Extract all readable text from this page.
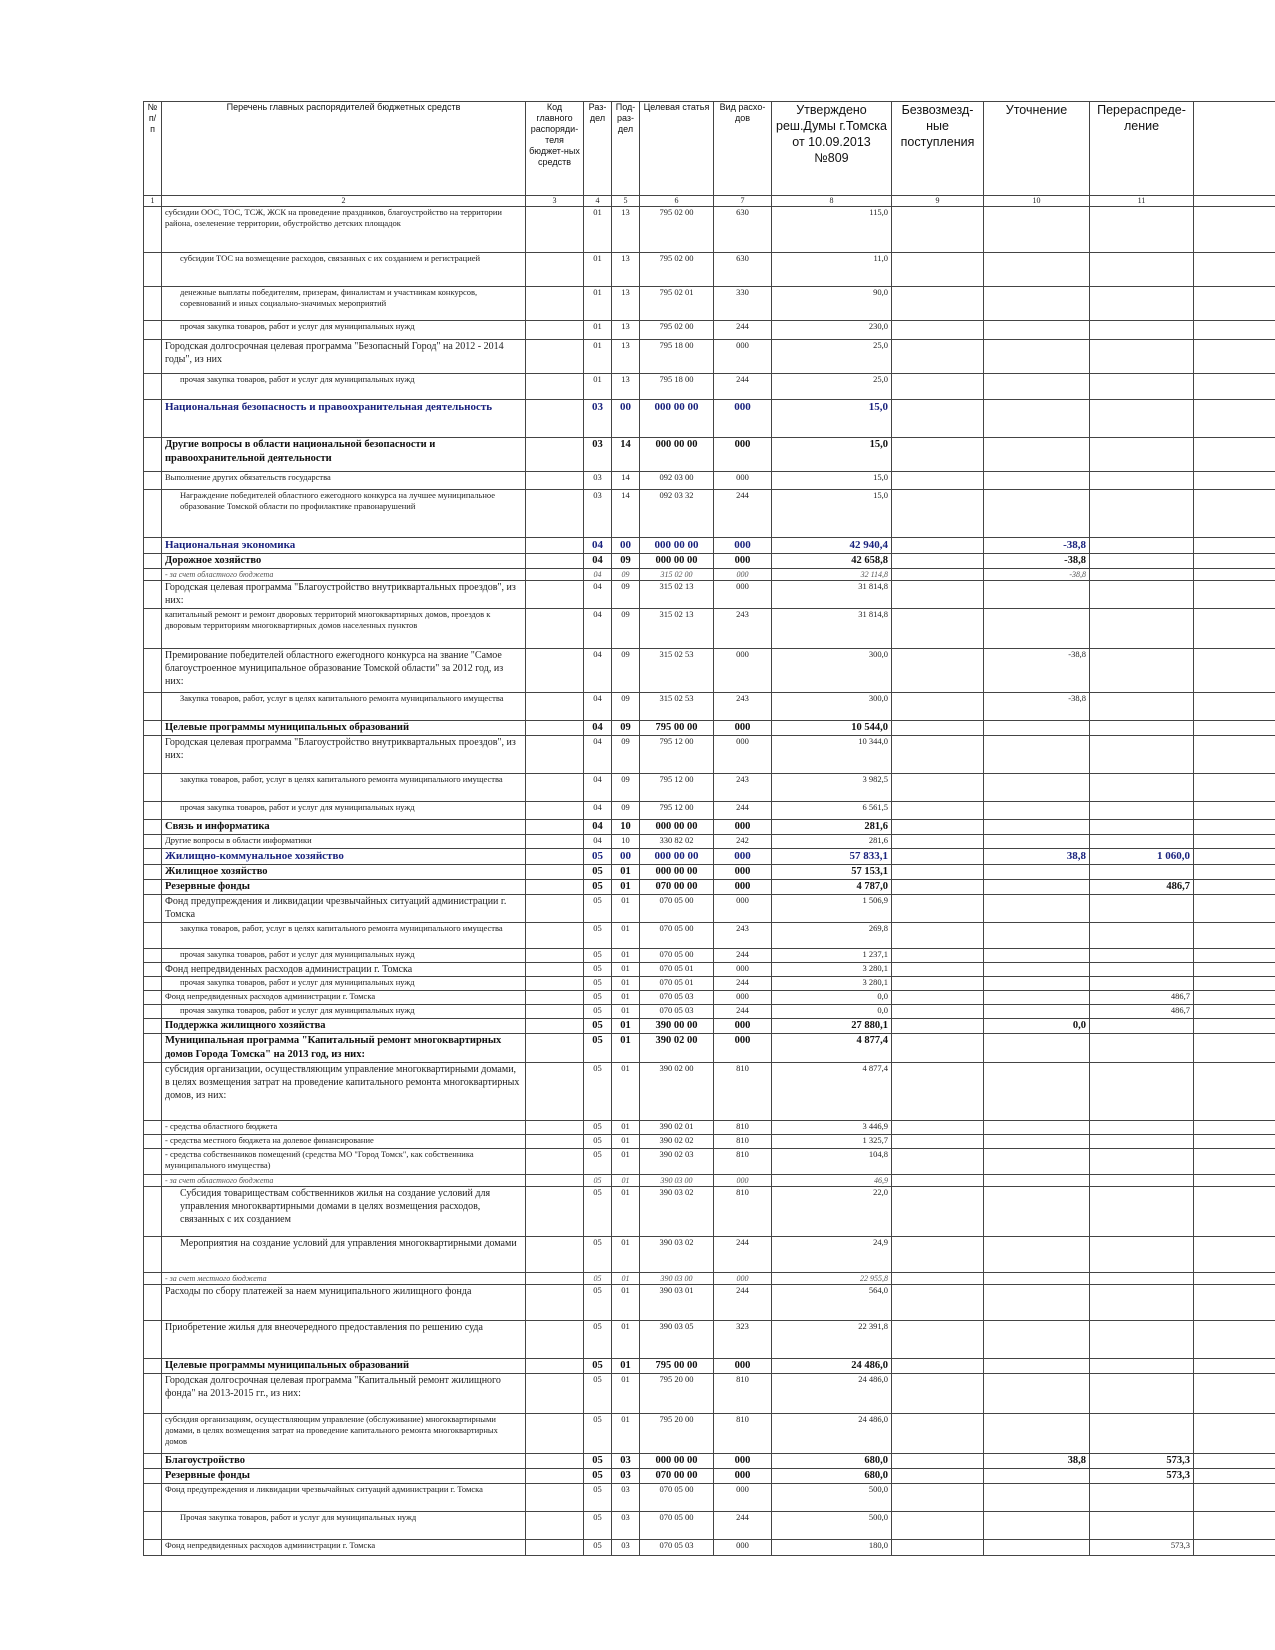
№ п/п	Перечень главных распорядителей бюджетных средств	Код главного распоряди-теля бюджет-ных средств	Раз-дел	Под-раз-дел	Целевая статья	Вид расхо-дов	Утверждено реш.Думы г.Томска от 10.09.2013 №809	Безвозмезд-ные поступления	Уточнение	Перераспреде-ление	
1	2	3	4	5	6	7	8	9	10	11	
	субсидии ООС, ТОС, ТСЖ, ЖСК на проведение праздников, благоустройство на территории района, озеленение территории, обустройство детских площадок		01	13	795 02 00	630	115,0				
	субсидии ТОС на возмещение расходов, связанных с их созданием и регистрацией		01	13	795 02 00	630	11,0				
	денежные выплаты победителям, призерам, финалистам и участникам конкурсов, соревнований и иных социально-значимых мероприятий		01	13	795 02 01	330	90,0				
	прочая закупка товаров, работ и услуг для муниципальных нужд		01	13	795 02 00	244	230,0				
	Городская долгосрочная целевая программа "Безопасный Город" на 2012 - 2014 годы", из них		01	13	795 18 00	000	25,0				
	прочая закупка товаров, работ и услуг для муниципальных нужд		01	13	795 18 00	244	25,0				
	Национальная безопасность и правоохранительная деятельность		03	00	000 00 00	000	15,0				
	Другие вопросы в области национальной безопасности и правоохранительной деятельности		03	14	000 00 00	000	15,0				
	Выполнение других обязательств государства		03	14	092 03 00	000	15,0				
	Награждение победителей областного ежегодного конкурса на лучшее муниципальное образование Томской области по профилактике правонарушений		03	14	092 03 32	244	15,0				
	Национальная экономика		04	00	000 00 00	000	42 940,4		-38,8		
	Дорожное хозяйство		04	09	000 00 00	000	42 658,8		-38,8		
	- за счет областного бюджета		04	09	315 02 00	000	32 114,8		-38,8		
	Городская целевая программа "Благоустройство внутриквартальных проездов", из них:		04	09	315 02 13	000	31 814,8				
	капитальный ремонт и ремонт дворовых территорий многоквартирных домов, проездов к дворовым территориям многоквартирных домов населенных пунктов		04	09	315 02 13	243	31 814,8				
	Премирование победителей областного ежегодного конкурса на звание "Самое благоустроенное муниципальное образование Томской области" за 2012 год, из них:		04	09	315 02 53	000	300,0		-38,8		
	Закупка товаров, работ, услуг в целях капитального ремонта муниципального имущества		04	09	315 02 53	243	300,0		-38,8		
	Целевые программы муниципальных образований		04	09	795 00 00	000	10 544,0				
	Городская целевая программа "Благоустройство внутриквартальных проездов", из них:		04	09	795 12 00	000	10 344,0				
	закупка товаров, работ, услуг в целях капитального ремонта муниципального имущества		04	09	795 12 00	243	3 982,5				
	прочая закупка товаров, работ и услуг для муниципальных нужд		04	09	795 12 00	244	6 561,5				
	Связь и информатика		04	10	000 00 00	000	281,6				
	Другие вопросы в области информатики		04	10	330 82 02	242	281,6				
	Жилищно-коммунальное хозяйство		05	00	000 00 00	000	57 833,1		38,8	1 060,0	
	Жилищное хозяйство		05	01	000 00 00	000	57 153,1				
	Резервные фонды		05	01	070 00 00	000	4 787,0			486,7	
	Фонд предупреждения и ликвидации чрезвычайных ситуаций администрации г. Томска		05	01	070 05 00	000	1 506,9				
	закупка товаров, работ, услуг в целях капитального ремонта муниципального имущества		05	01	070 05 00	243	269,8				
	прочая закупка товаров, работ и услуг для муниципальных нужд		05	01	070 05 00	244	1 237,1				
	Фонд непредвиденных расходов администрации г. Томска		05	01	070 05 01	000	3 280,1				
	прочая закупка товаров, работ и услуг для муниципальных нужд		05	01	070 05 01	244	3 280,1				
	Фонд непредвиденных расходов администрации г. Томска		05	01	070 05 03	000	0,0			486,7	
	прочая закупка товаров, работ и услуг для муниципальных нужд		05	01	070 05 03	244	0,0			486,7	
	Поддержка жилищного хозяйства		05	01	390 00 00	000	27 880,1		0,0		
	Муниципальная программа "Капитальный ремонт многоквартирных домов Города Томска" на 2013 год, из них:		05	01	390 02 00	000	4 877,4				
	субсидия организации, осуществляющим управление многоквартирными домами, в целях возмещения затрат на проведение капитального ремонта многоквартирных домов, из них:		05	01	390 02 00	810	4 877,4				
	- средства областного бюджета		05	01	390 02 01	810	3 446,9				
	- средства местного бюджета на долевое финансирование		05	01	390 02 02	810	1 325,7				
	- средства собственников помещений (средства МО "Город Томск", как собственника муниципального имущества)		05	01	390 02 03	810	104,8				
	- за счет областного бюджета		05	01	390 03 00	000	46,9				
	Субсидия товариществам собственников жилья на создание условий для управления многоквартирными домами в целях возмещения расходов, связанных с их созданием		05	01	390 03 02	810	22,0				
	Мероприятия на создание условий для управления многоквартирными домами		05	01	390 03 02	244	24,9				
	- за счет местного бюджета		05	01	390 03 00	000	22 955,8				
	Расходы по сбору платежей за наем муниципального жилищного фонда		05	01	390 03 01	244	564,0				
	Приобретение жилья для внеочередного предоставления по решению суда		05	01	390 03 05	323	22 391,8				
	Целевые программы муниципальных образований		05	01	795 00 00	000	24 486,0				
	Городская долгосрочная целевая программа "Капитальный ремонт жилищного фонда" на 2013-2015 гг., из них:		05	01	795 20 00	810	24 486,0				
	субсидия организациям, осуществляющим управление (обслуживание) многоквартирными домами, в целях возмещения затрат на проведение капитального ремонта многоквартирных домов		05	01	795 20 00	810	24 486,0				
	Благоустройство		05	03	000 00 00	000	680,0		38,8	573,3	
	Резервные фонды		05	03	070 00 00	000	680,0			573,3	
	Фонд предупреждения и ликвидации чрезвычайных ситуаций администрации г. Томска		05	03	070 05 00	000	500,0				
	Прочая закупка товаров, работ и услуг для муниципальных нужд		05	03	070 05 00	244	500,0				
	Фонд непредвиденных расходов администрации г. Томска		05	03	070 05 03	000	180,0			573,3	
